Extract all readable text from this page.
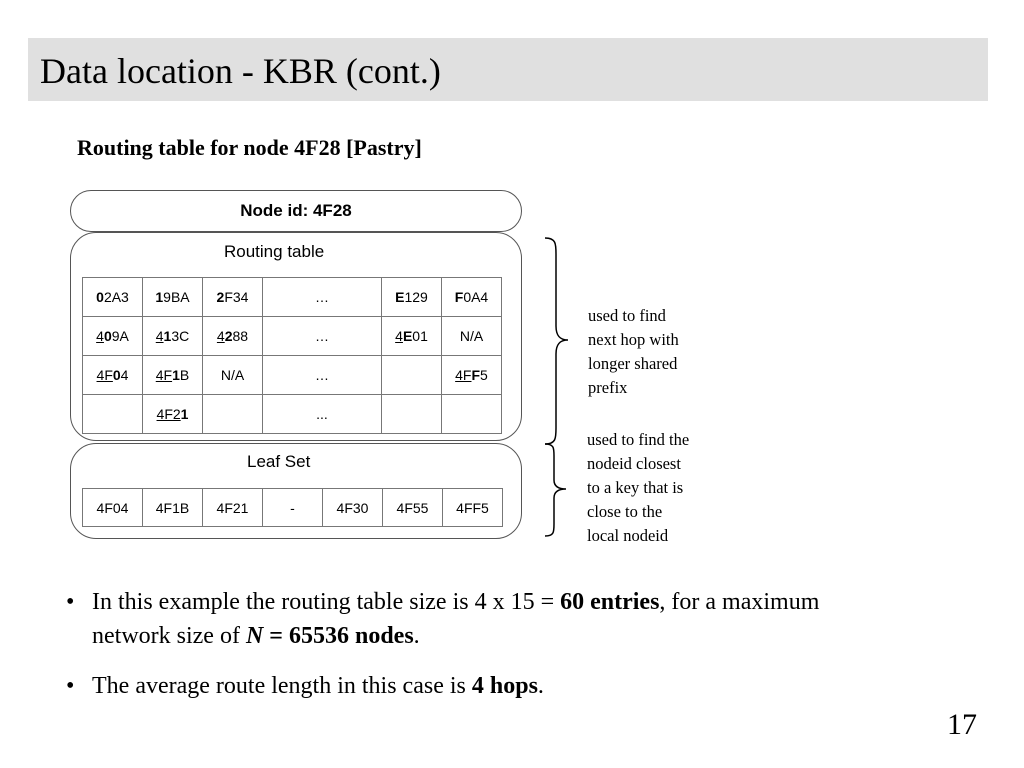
Data location - KBR (cont.)
Routing table for node 4F28 [Pastry]
Node id: 4F28
Routing table
02A3	19BA	2F34	…	E129	F0A4
409A	413C	4288	…	4E01	N/A
4F04	4F1B	N/A	…		4FF5
	4F21		...		
Leaf Set
4F04	4F1B	4F21	-	4F30	4F55	4FF5
used to find
next hop with
longer shared
prefix
used to find the
nodeid closest
to a key that is
close to the
local nodeid
• In this example the routing table size is 4 x 15 = 60 entries, for a maximum network size of N = 65536 nodes.
• The average route length in this case is 4 hops.
17
